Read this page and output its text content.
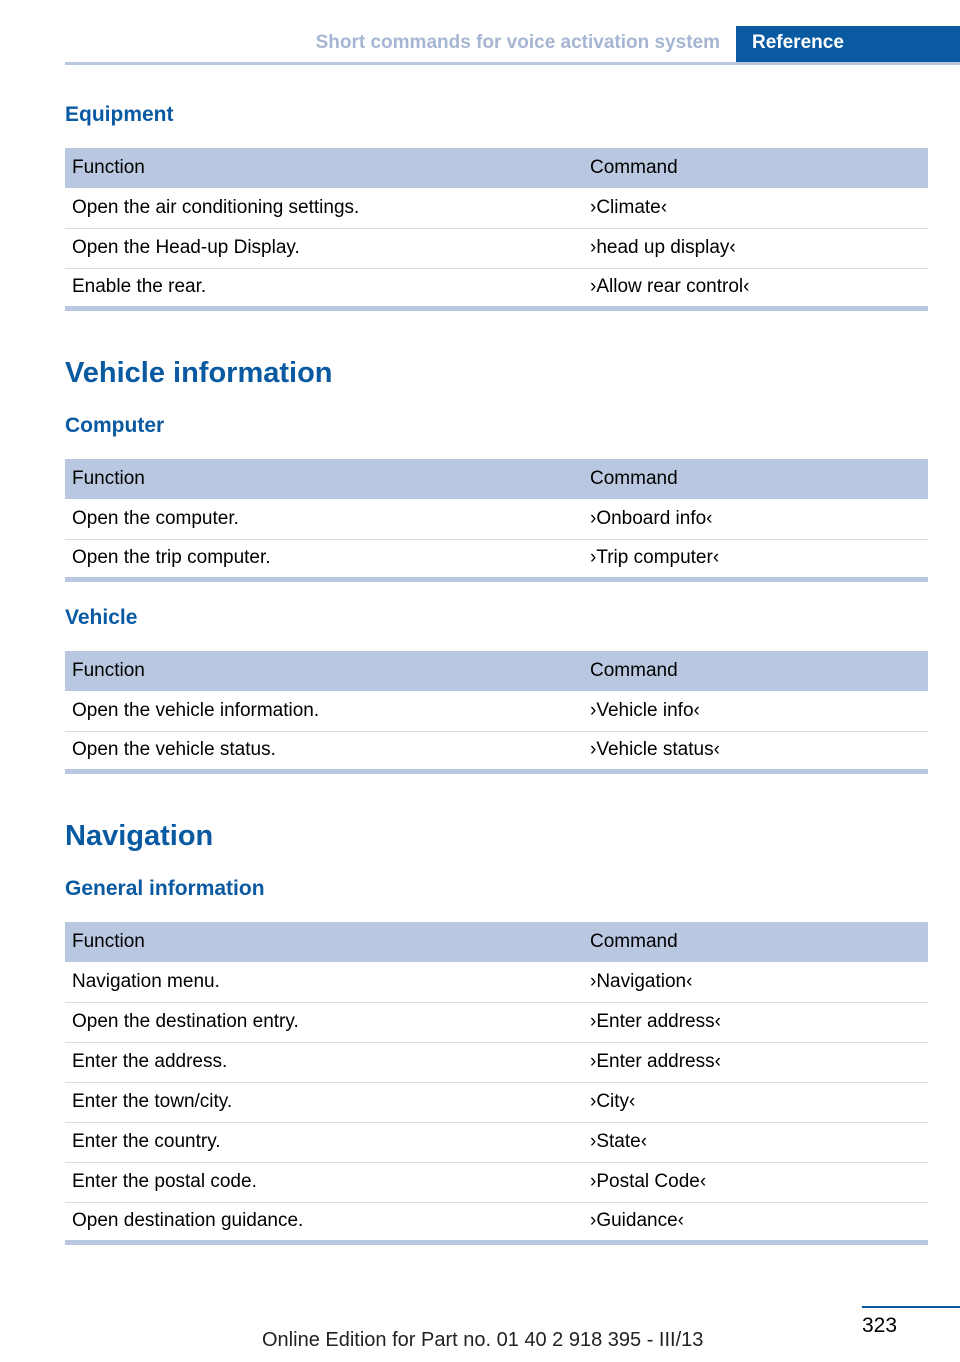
Short commands for voice activation system	Reference
Equipment
Function	Command
Open the air conditioning settings.	›Climate‹
Open the Head-up Display.	›head up display‹
Enable the rear.	›Allow rear control‹
Vehicle information
Computer
Function	Command
Open the computer.	›Onboard info‹
Open the trip computer.	›Trip computer‹
Vehicle
Function	Command
Open the vehicle information.	›Vehicle info‹
Open the vehicle status.	›Vehicle status‹
Navigation
General information
Function	Command
Navigation menu.	›Navigation‹
Open the destination entry.	›Enter address‹
Enter the address.	›Enter address‹
Enter the town/city.	›City‹
Enter the country.	›State‹
Enter the postal code.	›Postal Code‹
Open destination guidance.	›Guidance‹
323
Online Edition for Part no. 01 40 2 918 395 - III/13
